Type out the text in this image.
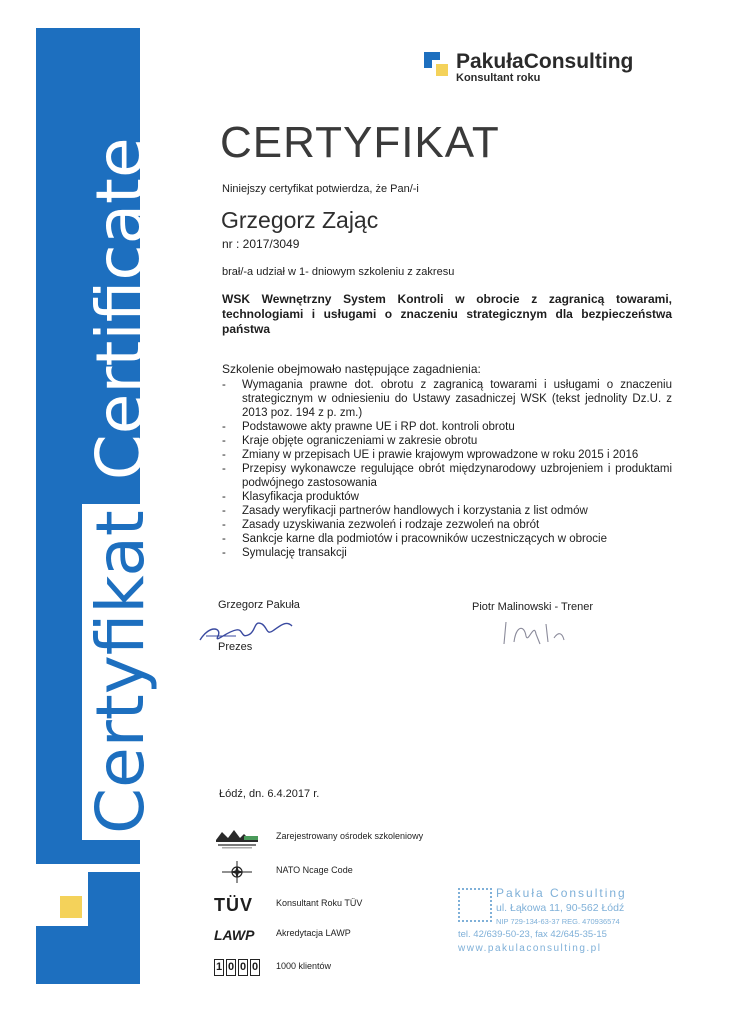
CertyfikatCertificate
PakułaConsulting
Konsultant roku
CERTYFIKAT
Niniejszy certyfikat potwierdza, że Pan/-i
Grzegorz Zając
nr : 2017/3049
brał/-a udział w 1- dniowym szkoleniu z zakresu
WSK Wewnętrzny System Kontroli w obrocie z zagranicą towarami, technologiami i usługami o znaczeniu strategicznym dla bezpieczeństwa państwa
Szkolenie obejmowało następujące zagadnienia:
- Wymagania prawne dot. obrotu z zagranicą towarami i usługami o znaczeniu strategicznym w odniesieniu do Ustawy zasadniczej WSK (tekst jednolity Dz.U. z 2013 poz. 194 z p. zm.)
- Podstawowe akty prawne UE i RP dot. kontroli obrotu
- Kraje objęte ograniczeniami w zakresie obrotu
- Zmiany w przepisach UE i prawie krajowym wprowadzone w roku 2015 i 2016
- Przepisy wykonawcze regulujące obrót międzynarodowy uzbrojeniem i produktami podwójnego zastosowania
- Klasyfikacja produktów
- Zasady weryfikacji partnerów handlowych i korzystania z list odmów
- Zasady uzyskiwania zezwoleń i rodzaje zezwoleń na obrót
- Sankcje karne dla podmiotów i pracowników uczestniczących w obrocie
- Symulację transakcji
Grzegorz Pakuła
Prezes
Piotr Malinowski - Trener
Łódź, dn. 6.4.2017 r.
Zarejestrowany ośrodek szkoleniowy
NATO Ncage Code
TÜV	Konsultant Roku TÜV
LAWP	Akredytacja LAWP
1 0 0 0 1000 klientów
Pakuła Consulting
ul. Łąkowa 11, 90-562 Łódź
NIP 729-134-63-37 REG. 470936574
tel. 42/639-50-23, fax 42/645-35-15
www.pakulaconsulting.pl
